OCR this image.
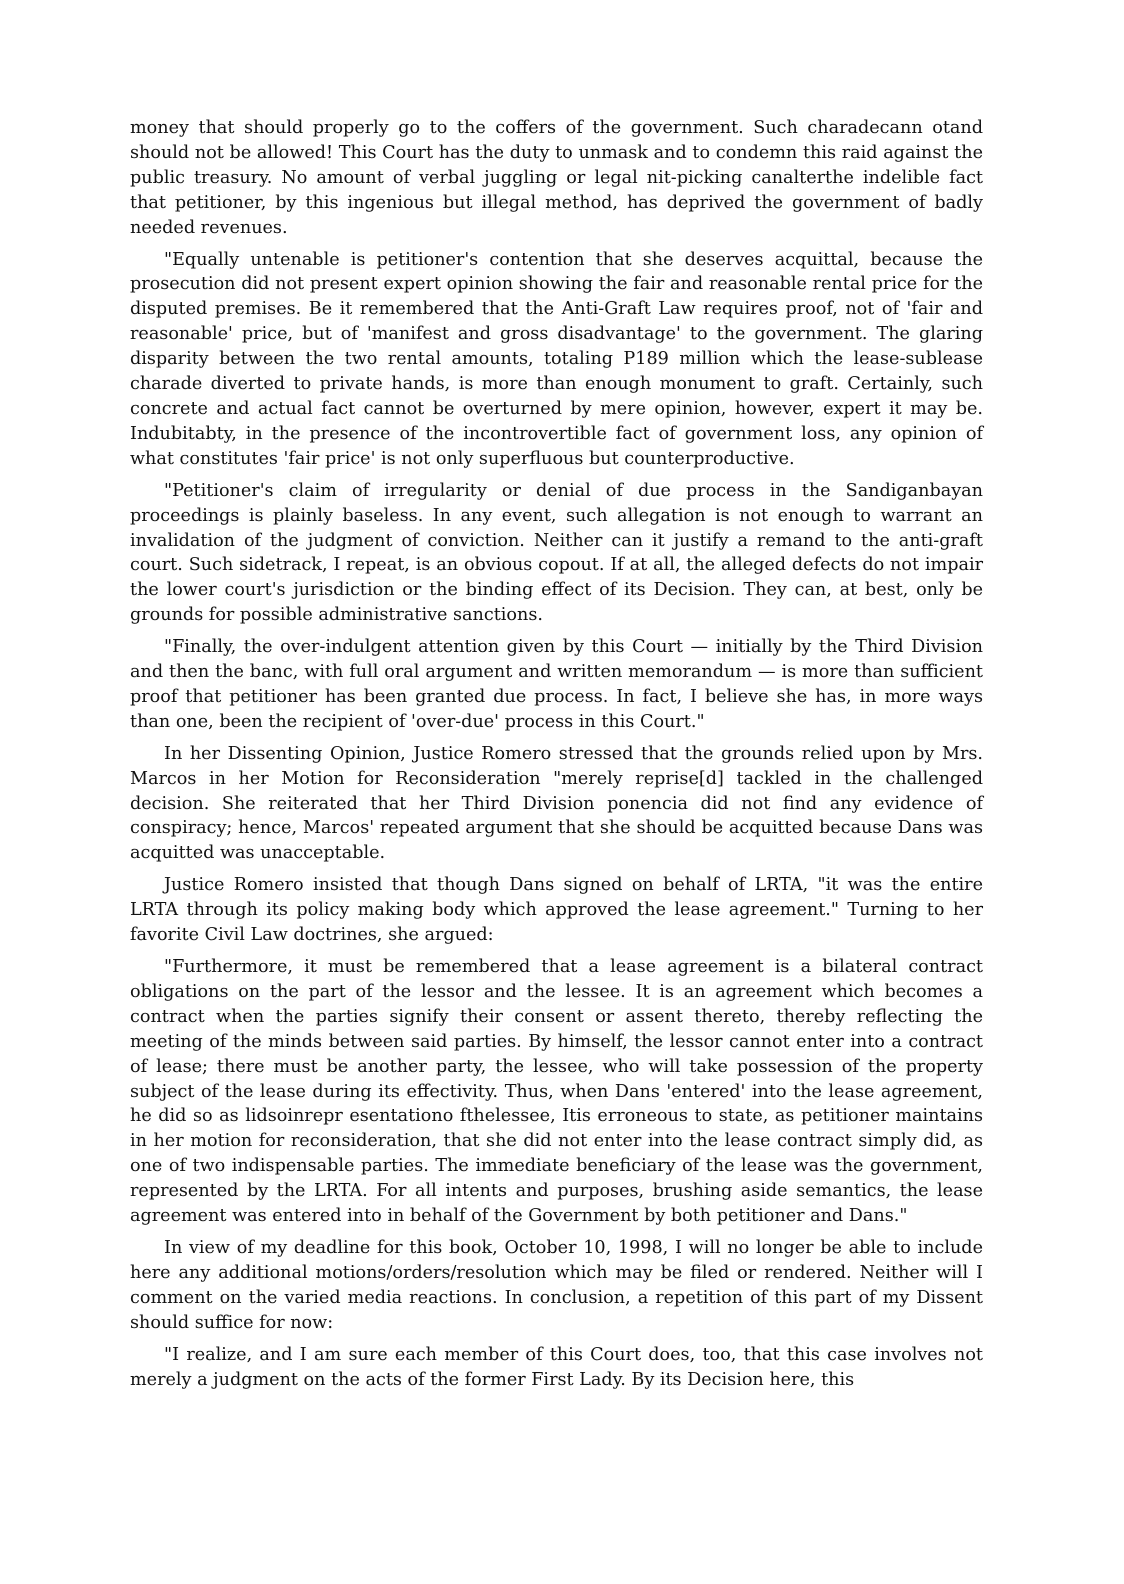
money that should properly go to the coffers of the government. Such charadecann otand should not be allowed! This Court has the duty to unmask and to condemn this raid against the public treasury. No amount of verbal juggling or legal nit-picking canalterthe indelible fact that petitioner, by this ingenious but illegal method, has deprived the government of badly needed revenues.

"Equally untenable is petitioner's contention that she deserves acquittal, because the prosecution did not present expert opinion showing the fair and reasonable rental price for the disputed premises. Be it remembered that the Anti-Graft Law requires proof, not of 'fair and reasonable' price, but of 'manifest and gross disadvantage' to the government. The glaring disparity between the two rental amounts, totaling P189 million which the lease-sublease charade diverted to private hands, is more than enough monument to graft. Certainly, such concrete and actual fact cannot be overturned by mere opinion, however, expert it may be. Indubitabty, in the presence of the incontrovertible fact of government loss, any opinion of what constitutes 'fair price' is not only superfluous but counterproductive.

"Petitioner's claim of irregularity or denial of due process in the Sandiganbayan proceedings is plainly baseless. In any event, such allegation is not enough to warrant an invalidation of the judgment of conviction. Neither can it justify a remand to the anti-graft court. Such sidetrack, I repeat, is an obvious copout. If at all, the alleged defects do not impair the lower court's jurisdiction or the binding effect of its Decision. They can, at best, only be grounds for possible administrative sanctions.

"Finally, the over-indulgent attention given by this Court — initially by the Third Division and then the banc, with full oral argument and written memorandum — is more than sufficient proof that petitioner has been granted due process. In fact, I believe she has, in more ways than one, been the recipient of 'over-due' process in this Court."

In her Dissenting Opinion, Justice Romero stressed that the grounds relied upon by Mrs. Marcos in her Motion for Reconsideration "merely reprise[d] tackled in the challenged decision. She reiterated that her Third Division ponencia did not find any evidence of conspiracy; hence, Marcos' repeated argument that she should be acquitted because Dans was acquitted was unacceptable.

Justice Romero insisted that though Dans signed on behalf of LRTA, "it was the entire LRTA through its policy making body which approved the lease agreement." Turning to her favorite Civil Law doctrines, she argued:

"Furthermore, it must be remembered that a lease agreement is a bilateral contract obligations on the part of the lessor and the lessee. It is an agreement which becomes a contract when the parties signify their consent or assent thereto, thereby reflecting the meeting of the minds between said parties. By himself, the lessor cannot enter into a contract of lease; there must be another party, the lessee, who will take possession of the property subject of the lease during its effectivity. Thus, when Dans 'entered' into the lease agreement, he did so as lidsoinrepr esentationo fthelessee, Itis erroneous to state, as petitioner maintains in her motion for reconsideration, that she did not enter into the lease contract simply did, as one of two indispensable parties. The immediate beneficiary of the lease was the government, represented by the LRTA. For all intents and purposes, brushing aside semantics, the lease agreement was entered into in behalf of the Government by both petitioner and Dans."

In view of my deadline for this book, October 10, 1998, I will no longer be able to include here any additional motions/orders/resolution which may be filed or rendered. Neither will I comment on the varied media reactions. In conclusion, a repetition of this part of my Dissent should suffice for now:

"I realize, and I am sure each member of this Court does, too, that this case involves not merely a judgment on the acts of the former First Lady. By its Decision here, this
